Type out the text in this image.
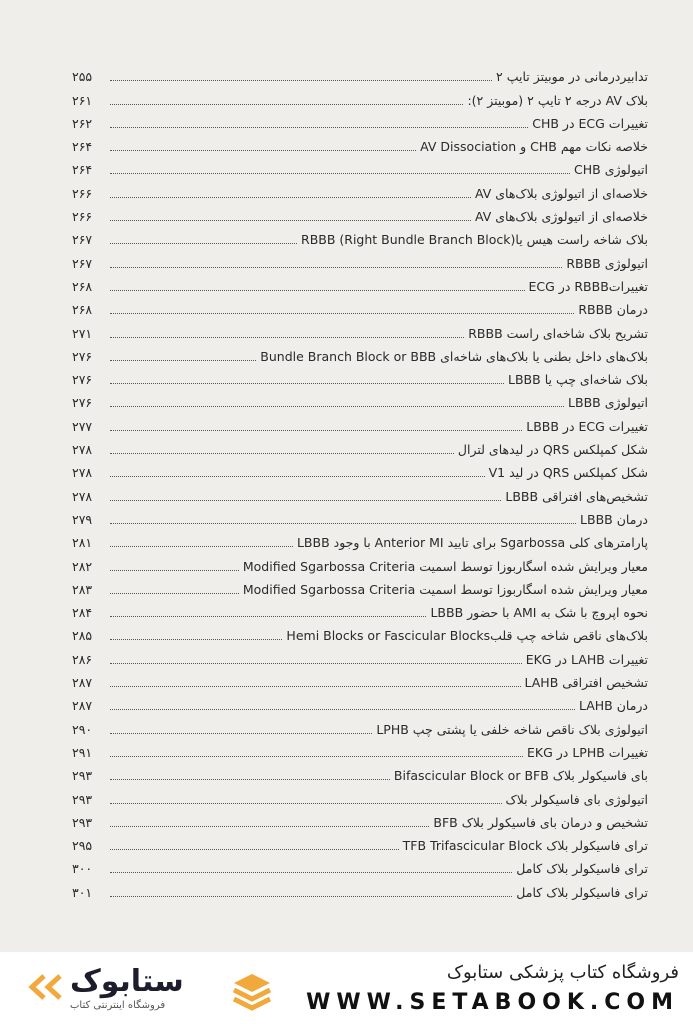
تدابیردرمانی در موبیتز تایپ ۲
۲۵۵
بلاک AV درجه ۲ تایپ ۲ (موبیتز ۲):
۲۶۱
تغییرات ECG در CHB
۲۶۲
خلاصه نکات مهم CHB و AV Dissociation
۲۶۴
اتیولوژی CHB
۲۶۴
خلاصه‌ای از اتیولوژی بلاک‌های AV
۲۶۶
خلاصه‌ای از اتیولوژی بلاک‌های AV
۲۶۶
بلاک شاخه راست هیس یاRBBB (Right Bundle Branch Block)
۲۶۷
اتیولوژی RBBB
۲۶۷
تغییراتRBBB در ECG
۲۶۸
درمان RBBB
۲۶۸
تشریح بلاک شاخه‌ای راست RBBB
۲۷۱
بلاک‌های داخل بطنی یا بلاک‌های شاخه‌ای Bundle Branch Block or BBB
۲۷۶
بلاک شاخه‌ای چپ یا LBBB
۲۷۶
اتیولوژی LBBB
۲۷۶
تغییرات ECG در LBBB
۲۷۷
شکل کمپلکس QRS در لیدهای لترال
۲۷۸
شکل کمپلکس QRS در لید V1
۲۷۸
تشخیص‌های افتراقی LBBB
۲۷۸
درمان LBBB
۲۷۹
پارامترهای کلی Sgarbossa برای تایید Anterior MI با وجود LBBB
۲۸۱
معیار ویرایش شده اسگاربوزا توسط اسمیت Modified Sgarbossa Criteria
۲۸۲
معیار ویرایش شده اسگاربوزا توسط اسمیت Modified Sgarbossa Criteria
۲۸۳
نحوه اپروچ با شک به AMI با حضور LBBB
۲۸۴
بلاک‌های ناقص شاخه چپ قلبHemi Blocks or Fascicular Blocks
۲۸۵
تغییرات LAHB در EKG
۲۸۶
تشخیص افتراقی LAHB
۲۸۷
درمان LAHB
۲۸۷
اتیولوژی بلاک ناقص شاخه خلفی یا پشتی چپ LPHB
۲۹۰
تغییرات LPHB در EKG
۲۹۱
بای فاسیکولر بلاک Bifascicular Block or BFB
۲۹۳
اتیولوژی بای فاسیکولر بلاک
۲۹۳
تشخیص و درمان بای فاسیکولر بلاک BFB
۲۹۳
ترای فاسیکولر بلاک TFB Trifascicular Block
۲۹۵
ترای فاسیکولر بلاک کامل
۳۰۰
ترای فاسیکولر بلاک کامل
۳۰۱
ستابوک
فروشگاه اینترنتی کتاب
فروشگاه کتاب پزشکی ستابوک
WWW.SETABOOK.COM
